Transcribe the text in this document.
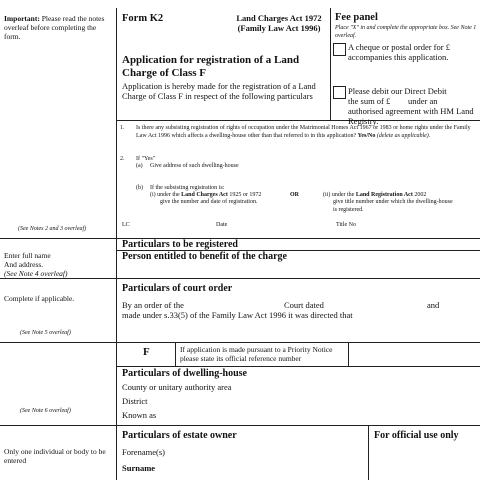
Important: Please read the notes overleaf before completing the form.
(See Notes 2 and 3 overleaf)
Enter full name
And address.
(See Note 4 overleaf)
Complete if applicable.
(See Note 5 overleaf)
(See Note 6 overleaf)
Only one individual or body to be entered
Form K2	Land Charges Act 1972
(Family Law Act 1996)
Application for registration of a Land Charge of Class F
Application is hereby made for the registration of a Land Charge of Class F in respect of the following particulars
Fee panel
Place "X" in and complete the appropriate box. See Note 1 overleaf.
A cheque or postal order for £ accompanies this application.
Please debit our Direct Debit
the sum of £ under an
authorised agreement with HM Land Registry.
1. Is there any subsisting registration of rights of occupation under the Matrimonial Homes Act 1967 or 1983 or home rights under the Family Law Act 1996 which affects a dwelling-house other than that referred to in this application? Yes/No (delete as applicable).
2. If "Yes"
(a) Give address of such dwelling-house
(b) If the subsisting registration is:
(i) under the Land Charges Act 1925 or 1972
give the number and date of registration.
OR	(ii) under the Land Registration Act 2002
give title number under which the dwelling-house is registered.
LC	Date	Title No
Particulars to be registered
Person entitled to benefit of the charge
Particulars of court order
By an order of the	Court dated	and
made under s.33(5) of the Family Law Act 1996 it was directed that
F	If application is made pursuant to a Priority Notice please state its official reference number
Particulars of dwelling-house
County or unitary authority area
District
Known as
Particulars of estate owner	For official use only
Forename(s)
Surname
